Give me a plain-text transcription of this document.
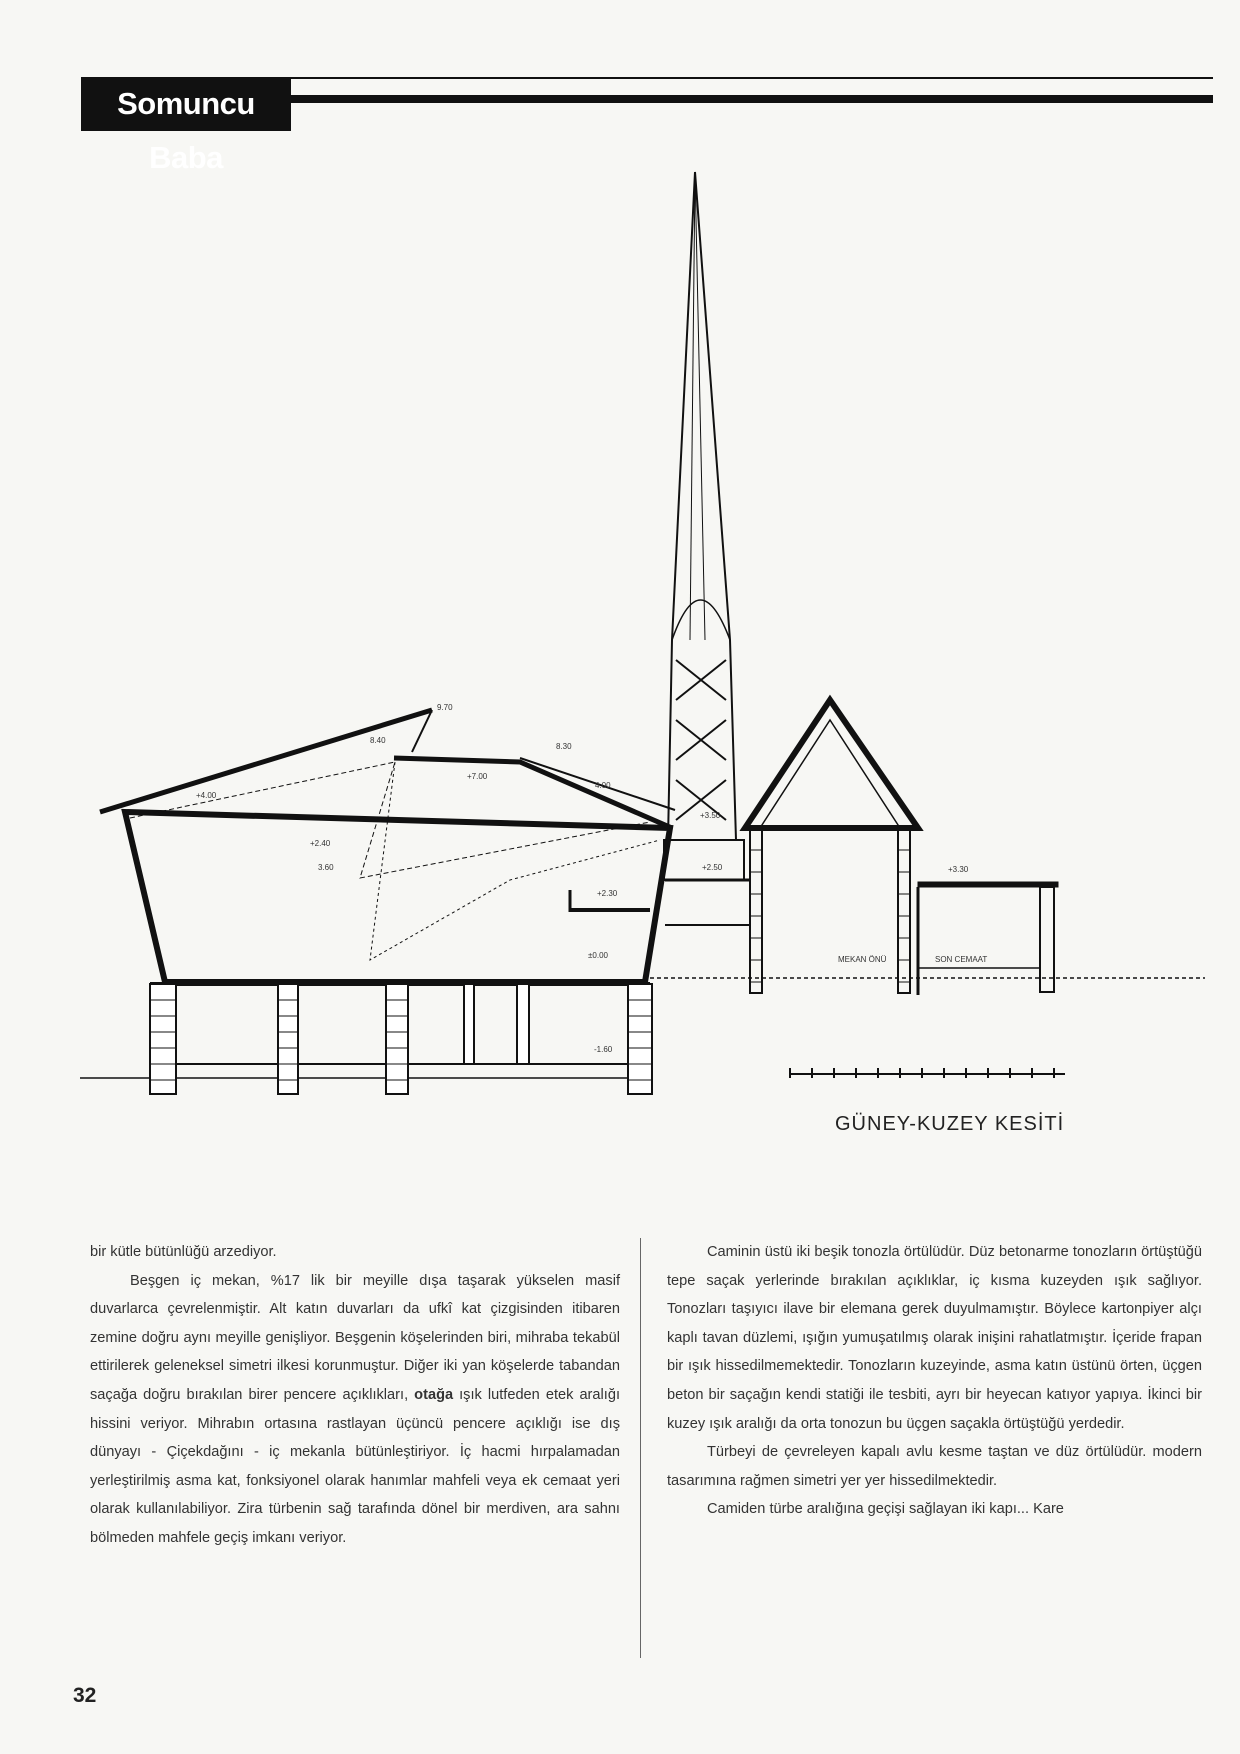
Somuncu Baba
9.70
8.40
8.30
+7.00
+4.00
4.00
+2.40
3.60
+2.30
+3.30
+2.50
±0.00
-1.60
+3.50
MEKAN ÖNÜ	SON CEMAAT
GÜNEY-KUZEY KESİTİ

bir kütle bütünlüğü arzediyor.

Beşgen iç mekan, %17 lik bir meyille dışa taşarak yükselen masif duvarlarca çevrelenmiştir. Alt katın duvarları da ufkî kat çizgisinden itibaren zemine doğru aynı meyille genişliyor. Beşgenin köşelerinden biri, mihraba tekabül ettirilerek geleneksel simetri ilkesi korunmuştur. Diğer iki yan köşelerde tabandan saçağa doğru bırakılan birer pencere açıklıkları, otağa ışık lutfeden etek aralığı hissini veriyor. Mihrabın ortasına rastlayan üçüncü pencere açıklığı ise dış dünyayı - Çiçekdağını - iç mekanla bütünleştiriyor. İç hacmi hırpalamadan yerleştirilmiş asma kat, fonksiyonel olarak hanımlar mahfeli veya ek cemaat yeri olarak kullanılabiliyor. Zira türbenin sağ tarafında dönel bir merdiven, ara sahnı bölmeden mahfele geçiş imkanı veriyor.

Caminin üstü iki beşik tonozla örtülüdür. Düz betonarme tonozların örtüştüğü tepe saçak yerlerinde bırakılan açıklıklar, iç kısma kuzeyden ışık sağlıyor. Tonozları taşıyıcı ilave bir elemana gerek duyulmamıştır. Böylece kartonpiyer alçı kaplı tavan düzlemi, ışığın yumuşatılmış olarak inişini rahatlatmıştır. İçeride frapan bir ışık hissedilmemektedir. Tonozların kuzeyinde, asma katın üstünü örten, üçgen beton bir saçağın kendi statiği ile tesbiti, ayrı bir heyecan katıyor yapıya. İkinci bir kuzey ışık aralığı da orta tonozun bu üçgen saçakla örtüştüğü yerdedir.

Türbeyi de çevreleyen kapalı avlu kesme taştan ve düz örtülüdür. modern tasarımına rağmen simetri yer yer hissedilmektedir.

Camiden türbe aralığına geçişi sağlayan iki kapı... Kare

32
